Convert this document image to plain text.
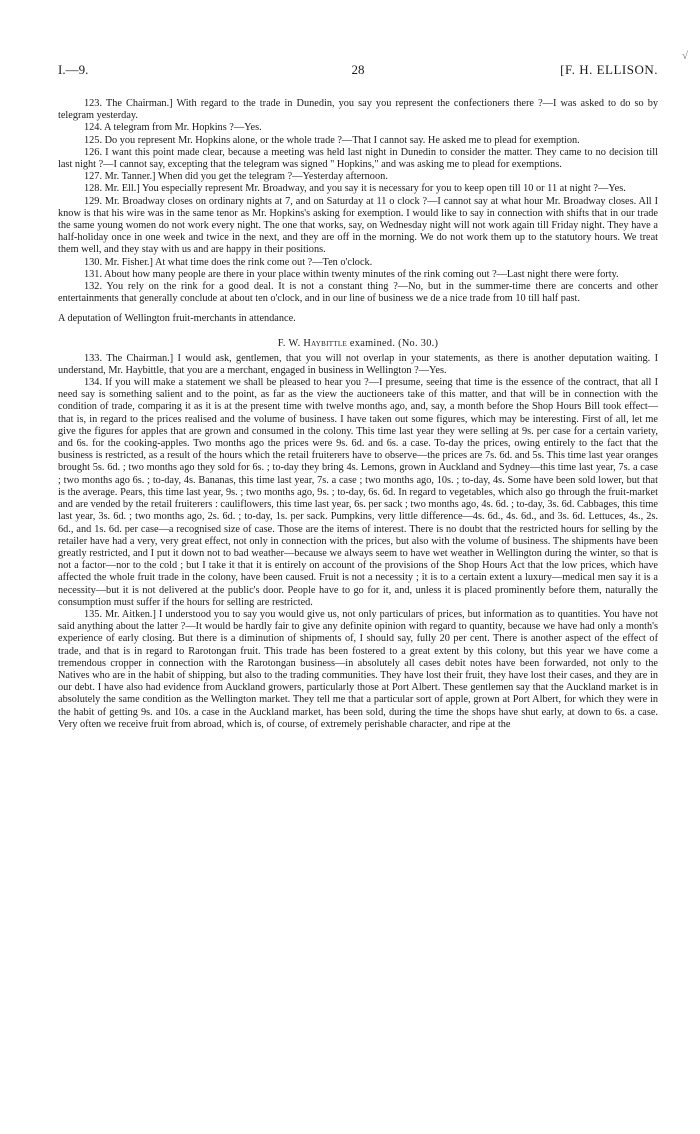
√
I.—9.	28	[F. H. ELLISON.

123. The Chairman.] With regard to the trade in Dunedin, you say you represent the confectioners there ?—I was asked to do so by telegram yesterday.

124. A telegram from Mr. Hopkins ?—Yes.

125. Do you represent Mr. Hopkins alone, or the whole trade ?—That I cannot say. He asked me to plead for exemption.

126. I want this point made clear, because a meeting was held last night in Dunedin to consider the matter. They came to no decision till last night ?—I cannot say, excepting that the telegram was signed " Hopkins," and was asking me to plead for exemptions.

127. Mr. Tanner.] When did you get the telegram ?—Yesterday afternoon.

128. Mr. Ell.] You especially represent Mr. Broadway, and you say it is necessary for you to keep open till 10 or 11 at night ?—Yes.

129. Mr. Broadway closes on ordinary nights at 7, and on Saturday at 11 o clock ?—I cannot say at what hour Mr. Broadway closes. All I know is that his wire was in the same tenor as Mr. Hopkins's asking for exemption. I would like to say in connection with shifts that in our trade the same young women do not work every night. The one that works, say, on Wednesday night will not work again till Friday night. They have a half-holiday once in one week and twice in the next, and they are off in the morning. We do not work them up to the statutory hours. We treat them well, and they stay with us and are happy in their positions.

130. Mr. Fisher.] At what time does the rink come out ?—Ten o'clock.

131. About how many people are there in your place within twenty minutes of the rink coming out ?—Last night there were forty.

132. You rely on the rink for a good deal. It is not a constant thing ?—No, but in the summer-time there are concerts and other entertainments that generally conclude at about ten o'clock, and in our line of business we de a nice trade from 10 till half past.

A deputation of Wellington fruit-merchants in attendance.

F. W. Haybittle examined. (No. 30.)

133. The Chairman.] I would ask, gentlemen, that you will not overlap in your statements, as there is another deputation waiting. I understand, Mr. Haybittle, that you are a merchant, engaged in business in Wellington ?—Yes.

134. If you will make a statement we shall be pleased to hear you ?—I presume, seeing that time is the essence of the contract, that all I need say is something salient and to the point, as far as the view the auctioneers take of this matter, and that will be in connection with the condition of trade, comparing it as it is at the present time with twelve months ago, and, say, a month before the Shop Hours Bill took effect—that is, in regard to the prices realised and the volume of business. I have taken out some figures, which may be interesting. First of all, let me give the figures for apples that are grown and consumed in the colony. This time last year they were selling at 9s. per case for a certain variety, and 6s. for the cooking-apples. Two months ago the prices were 9s. 6d. and 6s. a case. To-day the prices, owing entirely to the fact that the business is restricted, as a result of the hours which the retail fruiterers have to observe—the prices are 7s. 6d. and 5s. This time last year oranges brought 5s. 6d. ; two months ago they sold for 6s. ; to-day they bring 4s. Lemons, grown in Auckland and Sydney—this time last year, 7s. a case ; two months ago 6s. ; to-day, 4s. Bananas, this time last year, 7s. a case ; two months ago, 10s. ; to-day, 4s. Some have been sold lower, but that is the average. Pears, this time last year, 9s. ; two months ago, 9s. ; to-day, 6s. 6d. In regard to vegetables, which also go through the fruit-market and are vended by the retail fruiterers : cauliflowers, this time last year, 6s. per sack ; two months ago, 4s. 6d. ; to-day, 3s. 6d. Cabbages, this time last year, 3s. 6d. ; two months ago, 2s. 6d. ; to-day, 1s. per sack. Pumpkins, very little difference—4s. 6d., 4s. 6d., and 3s. 6d. Lettuces, 4s., 2s. 6d., and 1s. 6d. per case—a recognised size of case. Those are the items of interest. There is no doubt that the restricted hours for selling by the retailer have had a very, very great effect, not only in connection with the prices, but also with the volume of business. The shipments have been greatly restricted, and I put it down not to bad weather—because we always seem to have wet weather in Wellington during the winter, so that is not a factor—nor to the cold ; but I take it that it is entirely on account of the provisions of the Shop Hours Act that the low prices, which have affected the whole fruit trade in the colony, have been caused. Fruit is not a necessity ; it is to a certain extent a luxury—medical men say it is a necessity—but it is not delivered at the public's door. People have to go for it, and, unless it is placed prominently before them, naturally the consumption must suffer if the hours for selling are restricted.

135. Mr. Aitken.] I understood you to say you would give us, not only particulars of prices, but information as to quantities. You have not said anything about the latter ?—It would be hardly fair to give any definite opinion with regard to quantity, because we have had only a month's experience of early closing. But there is a diminution of shipments of, I should say, fully 20 per cent. There is another aspect of the effect of trade, and that is in regard to Rarotongan fruit. This trade has been fostered to a great extent by this colony, but this year we have come a tremendous cropper in connection with the Rarotongan business—in absolutely all cases debit notes have been forwarded, not only to the Natives who are in the habit of shipping, but also to the trading communities. They have lost their fruit, they have lost their cases, and they are in our debt. I have also had evidence from Auckland growers, particularly those at Port Albert. These gentlemen say that the Auckland market is in absolutely the same condition as the Wellington market. They tell me that a particular sort of apple, grown at Port Albert, for which they were in the habit of getting 9s. and 10s. a case in the Auckland market, has been sold, during the time the shops have shut early, at down to 6s. a case. Very often we receive fruit from abroad, which is, of course, of extremely perishable character, and ripe at the
